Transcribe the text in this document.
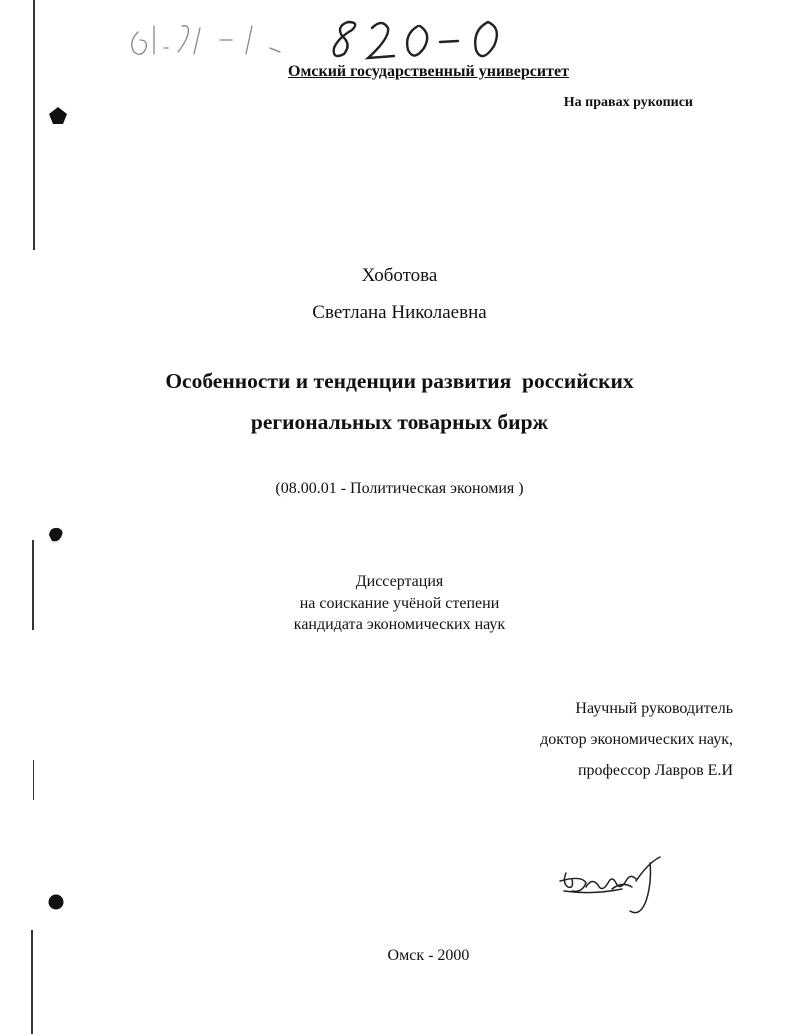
Омский государственный университет
На правах рукописи
Хоботова
Светлана Николаевна
Особенности и тенденции развития  российских
региональных товарных бирж
(08.00.01 - Политическая экономия )
Диссертация
на соискание учёной степени
кандидата экономических наук
Научный руководитель
доктор экономических наук,
профессор Лавров Е.И
Омск - 2000
